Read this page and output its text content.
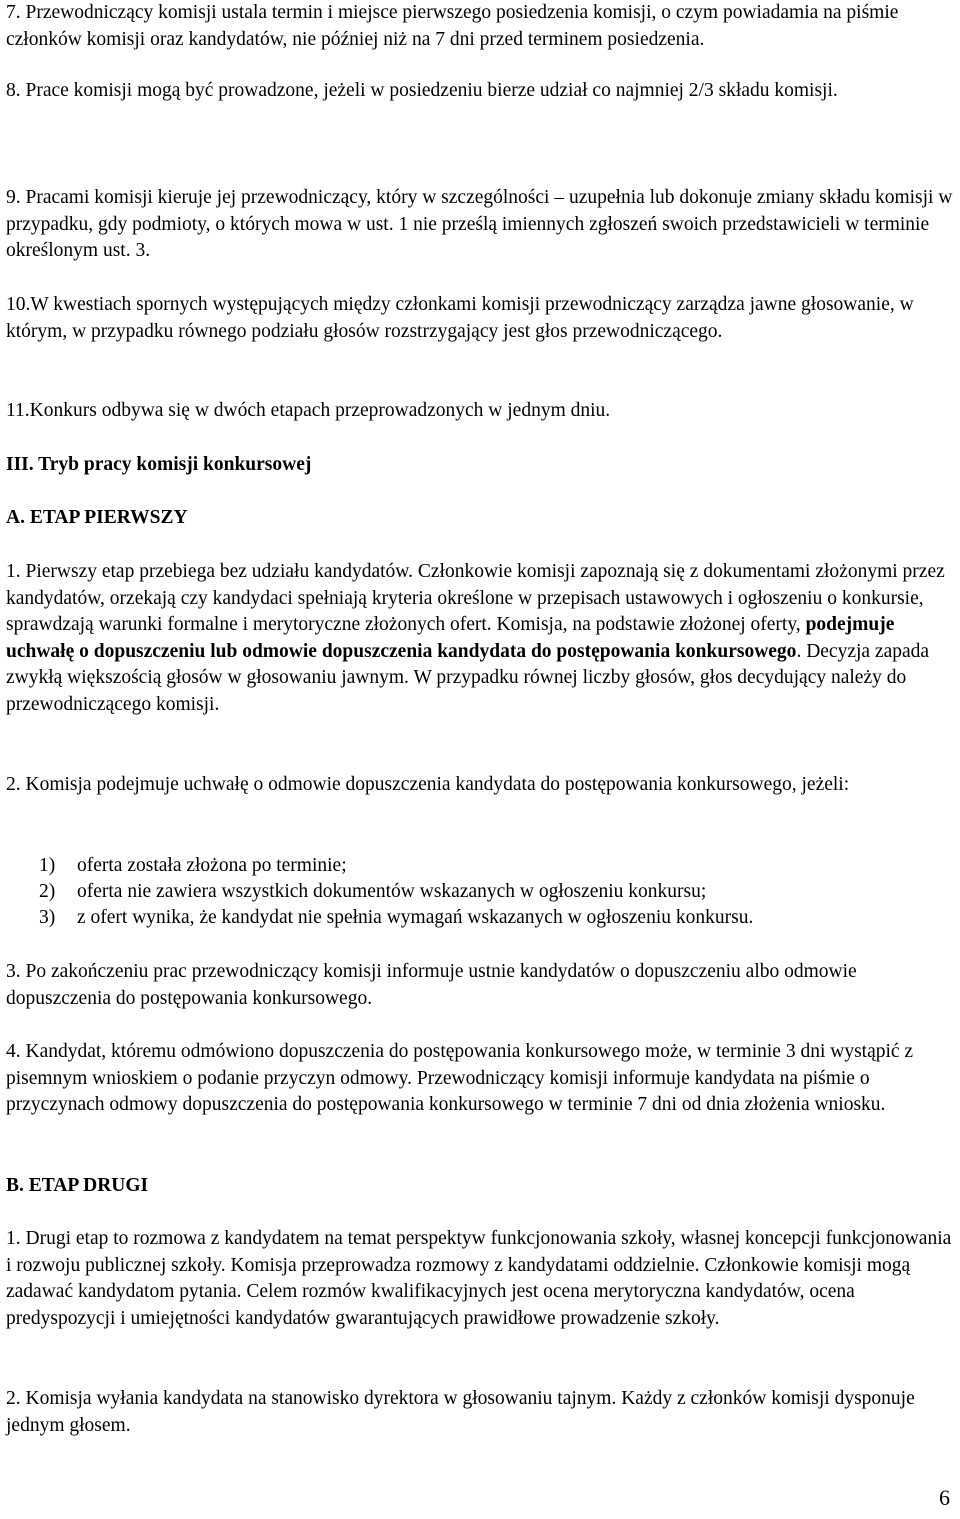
7. Przewodniczący komisji ustala termin i miejsce pierwszego posiedzenia komisji, o czym powiadamia na piśmie członków komisji oraz kandydatów, nie później niż na 7 dni przed terminem posiedzenia.

8. Prace komisji mogą być prowadzone, jeżeli w posiedzeniu bierze udział co najmniej 2/3 składu komisji.

9. Pracami komisji kieruje jej przewodniczący, który w szczególności – uzupełnia lub dokonuje zmiany składu komisji w przypadku, gdy podmioty, o których mowa w ust. 1 nie prześlą imiennych zgłoszeń swoich przedstawicieli w terminie określonym ust. 3.

10.W kwestiach spornych występujących między członkami komisji przewodniczący zarządza jawne głosowanie, w którym, w przypadku równego podziału głosów rozstrzygający jest głos przewodniczącego.

11.Konkurs odbywa się w dwóch etapach przeprowadzonych w jednym dniu.

III. Tryb pracy komisji konkursowej

A. ETAP PIERWSZY

1. Pierwszy etap przebiega bez udziału kandydatów. Członkowie komisji zapoznają się z dokumentami złożonymi przez kandydatów, orzekają czy kandydaci spełniają kryteria określone w przepisach ustawowych i ogłoszeniu o konkursie, sprawdzają warunki formalne i merytoryczne złożonych ofert. Komisja, na podstawie złożonej oferty, podejmuje uchwałę o dopuszczeniu lub odmowie dopuszczenia kandydata do postępowania konkursowego. Decyzja zapada zwykłą większością głosów w głosowaniu jawnym. W przypadku równej liczby głosów, głos decydujący należy do przewodniczącego komisji.

2. Komisja podejmuje uchwałę o odmowie dopuszczenia kandydata do postępowania konkursowego, jeżeli:

1) oferta została złożona po terminie;
2) oferta nie zawiera wszystkich dokumentów wskazanych w ogłoszeniu konkursu;
3) z ofert wynika, że kandydat nie spełnia wymagań wskazanych w ogłoszeniu konkursu.

3. Po zakończeniu prac przewodniczący komisji informuje ustnie kandydatów o dopuszczeniu albo odmowie dopuszczenia do postępowania konkursowego.

4. Kandydat, któremu odmówiono dopuszczenia do postępowania konkursowego może, w terminie 3 dni wystąpić z pisemnym wnioskiem o podanie przyczyn odmowy. Przewodniczący komisji informuje kandydata na piśmie o przyczynach odmowy dopuszczenia do postępowania konkursowego w terminie 7 dni od dnia złożenia wniosku.

B. ETAP DRUGI

1. Drugi etap to rozmowa z kandydatem na temat perspektyw funkcjonowania szkoły, własnej koncepcji funkcjonowania i rozwoju publicznej szkoły. Komisja przeprowadza rozmowy z kandydatami oddzielnie. Członkowie komisji mogą zadawać kandydatom pytania. Celem rozmów kwalifikacyjnych jest ocena merytoryczna kandydatów, ocena predyspozycji i umiejętności kandydatów gwarantujących prawidłowe prowadzenie szkoły.

2. Komisja wyłania kandydata na stanowisko dyrektora w głosowaniu tajnym. Każdy z członków komisji dysponuje jednym głosem.

6
